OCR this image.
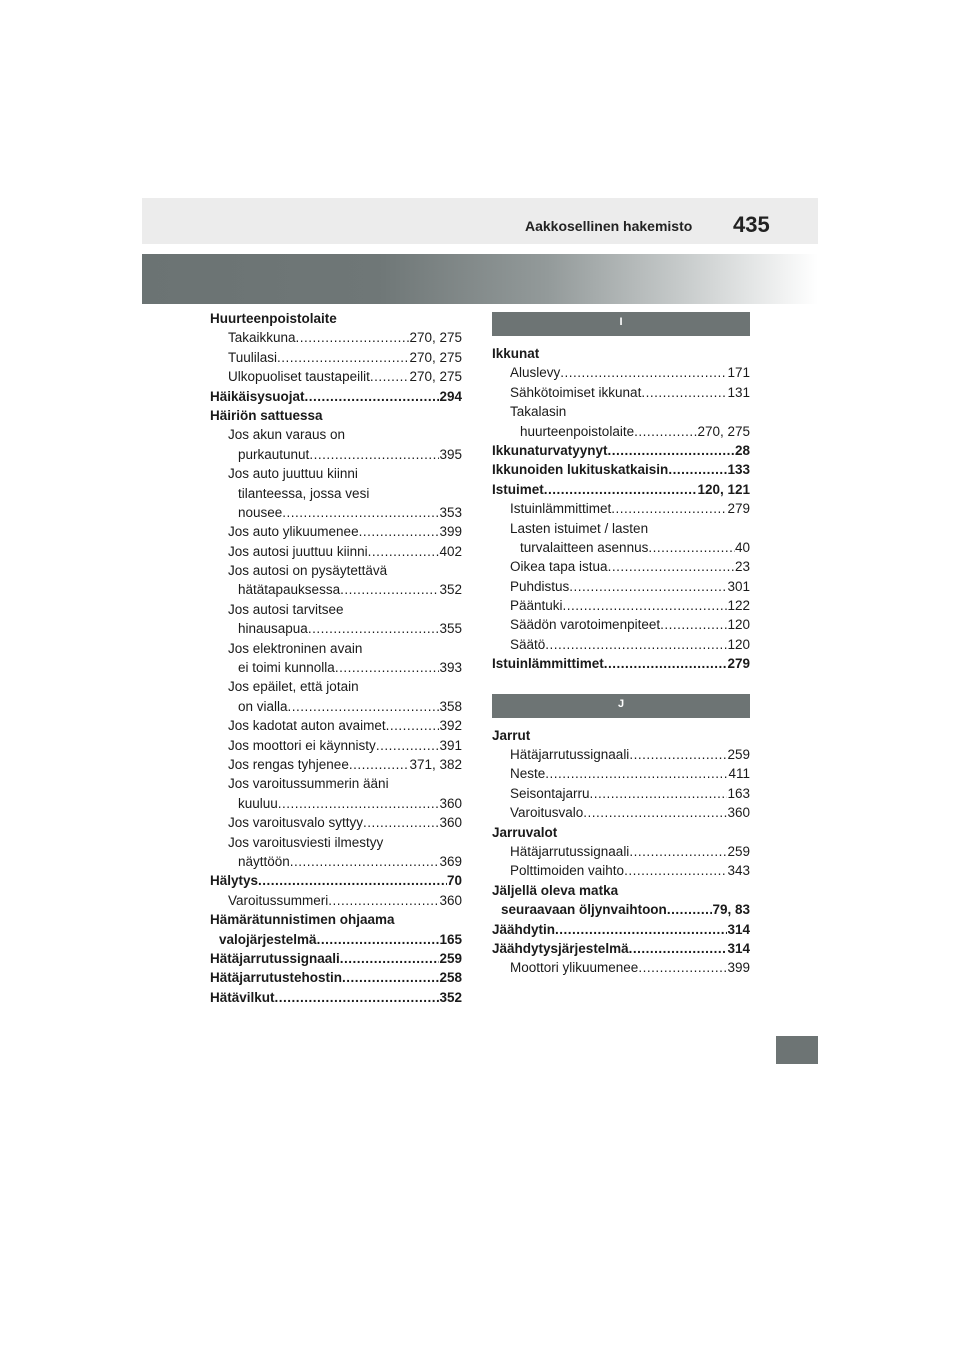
Aakkosellinen hakemisto 435
Huurteenpoistolaite
Takaikkuna .....	270, 275
Tuulilasi .....	270, 275
Ulkopuoliset taustapeilit .....	270, 275
Häikäisysuojat .....	294
Häiriön sattuessa
Jos akun varaus on
purkautunut .....	395
Jos auto juuttuu kiinni
tilanteessa, jossa vesi
nousee .....	353
Jos auto ylikuumenee .....	399
Jos autosi juuttuu kiinni .....	402
Jos autosi on pysäytettävä
hätätapauksessa .....	352
Jos autosi tarvitsee
hinausapua .....	355
Jos elektroninen avain
ei toimi kunnolla .....	393
Jos epäilet, että jotain
on vialla .....	358
Jos kadotat auton avaimet .....	392
Jos moottori ei käynnisty .....	391
Jos rengas tyhjenee .....	371, 382
Jos varoitussummerin ääni
kuuluu .....	360
Jos varoitusvalo syttyy .....	360
Jos varoitusviesti ilmestyy
näyttöön .....	369
Hälytys .....	70
Varoitussummeri .....	360
Hämärätunnistimen ohjaama
valojärjestelmä .....	165
Hätäjarrutussignaali .....	259
Hätäjarrutustehostin .....	258
Hätävilkut .....	352
I
Ikkunat
Aluslevy .....	171
Sähkötoimiset ikkunat .....	131
Takalasin
huurteenpoistolaite .....	270, 275
Ikkunaturvatyynyt .....	28
Ikkunoiden lukituskatkaisin .....	133
Istuimet .....	120, 121
Istuinlämmittimet .....	279
Lasten istuimet / lasten
turvalaitteen asennus .....	40
Oikea tapa istua .....	23
Puhdistus .....	301
Pääntuki .....	122
Säädön varotoimenpiteet .....	120
Säätö .....	120
Istuinlämmittimet .....	279
J
Jarrut
Hätäjarrutussignaali .....	259
Neste .....	411
Seisontajarru .....	163
Varoitusvalo .....	360
Jarruvalot
Hätäjarrutussignaali .....	259
Polttimoiden vaihto .....	343
Jäljellä oleva matka
seuraavaan öljynvaihtoon .....	79, 83
Jäähdytin .....	314
Jäähdytysjärjestelmä .....	314
Moottori ylikuumenee .....	399
